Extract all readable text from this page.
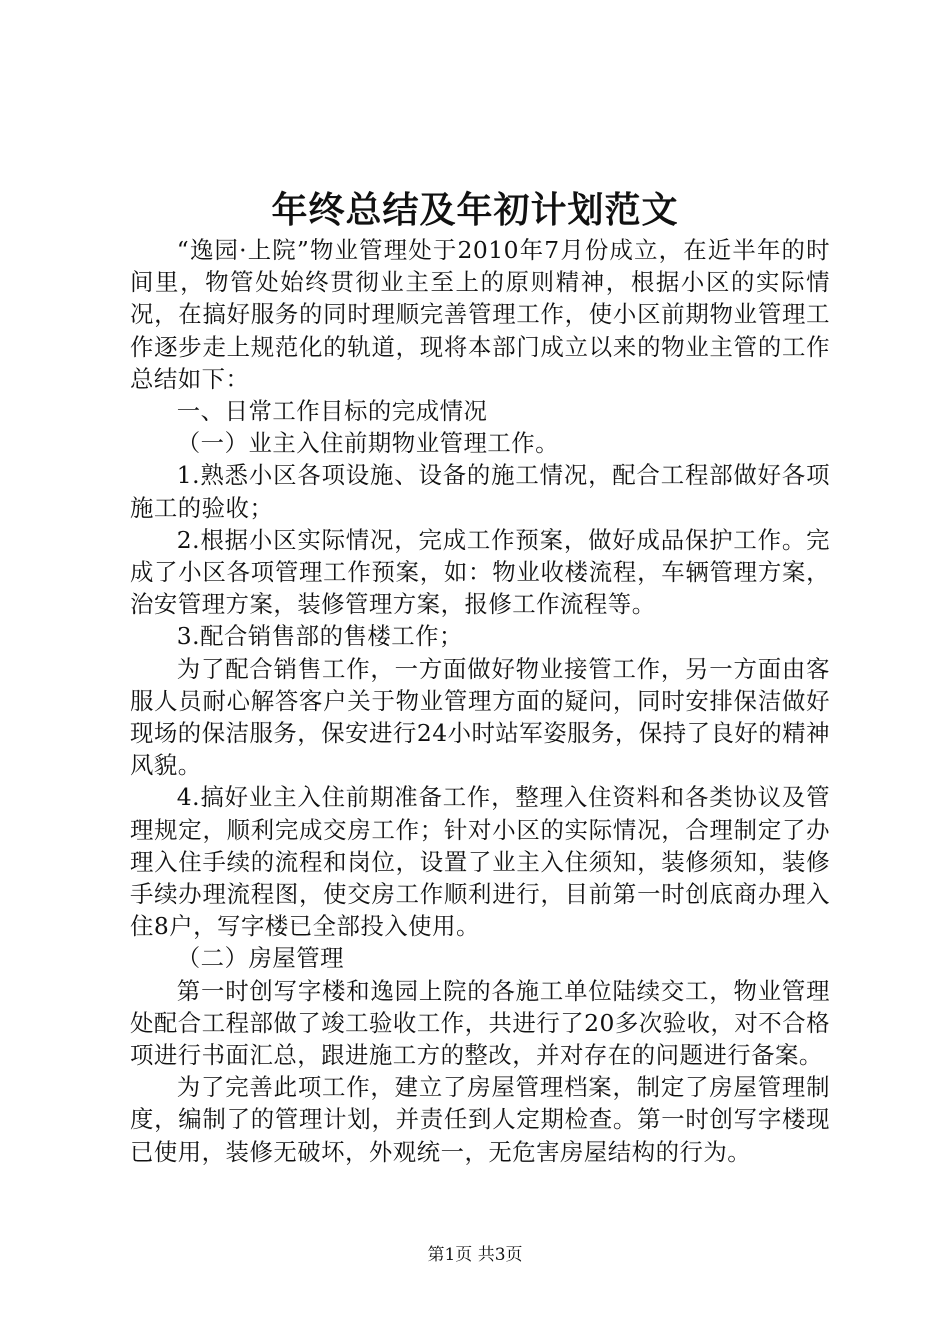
年终总结及年初计划范文

“逸园·上院”物业管理处于2010年7月份成立，在近半年的时间里，物管处始终贯彻业主至上的原则精神，根据小区的实际情况，在搞好服务的同时理顺完善管理工作，使小区前期物业管理工作逐步走上规范化的轨道，现将本部门成立以来的物业主管的工作总结如下：

一、日常工作目标的完成情况

（一）业主入住前期物业管理工作。

1.熟悉小区各项设施、设备的施工情况，配合工程部做好各项施工的验收；

2.根据小区实际情况，完成工作预案，做好成品保护工作。完成了小区各项管理工作预案，如：物业收楼流程，车辆管理方案，治安管理方案，装修管理方案，报修工作流程等。

3.配合销售部的售楼工作；

为了配合销售工作，一方面做好物业接管工作，另一方面由客服人员耐心解答客户关于物业管理方面的疑问，同时安排保洁做好现场的保洁服务，保安进行24小时站军姿服务，保持了良好的精神风貌。

4.搞好业主入住前期准备工作，整理入住资料和各类协议及管理规定，顺利完成交房工作；针对小区的实际情况，合理制定了办理入住手续的流程和岗位，设置了业主入住须知，装修须知，装修手续办理流程图，使交房工作顺利进行，目前第一时创底商办理入住8户，写字楼已全部投入使用。

（二）房屋管理

第一时创写字楼和逸园上院的各施工单位陆续交工，物业管理处配合工程部做了竣工验收工作，共进行了20多次验收，对不合格项进行书面汇总，跟进施工方的整改，并对存在的问题进行备案。

为了完善此项工作，建立了房屋管理档案，制定了房屋管理制度，编制了的管理计划，并责任到人定期检查。第一时创写字楼现已使用，装修无破坏，外观统一，无危害房屋结构的行为。

第1页 共3页
